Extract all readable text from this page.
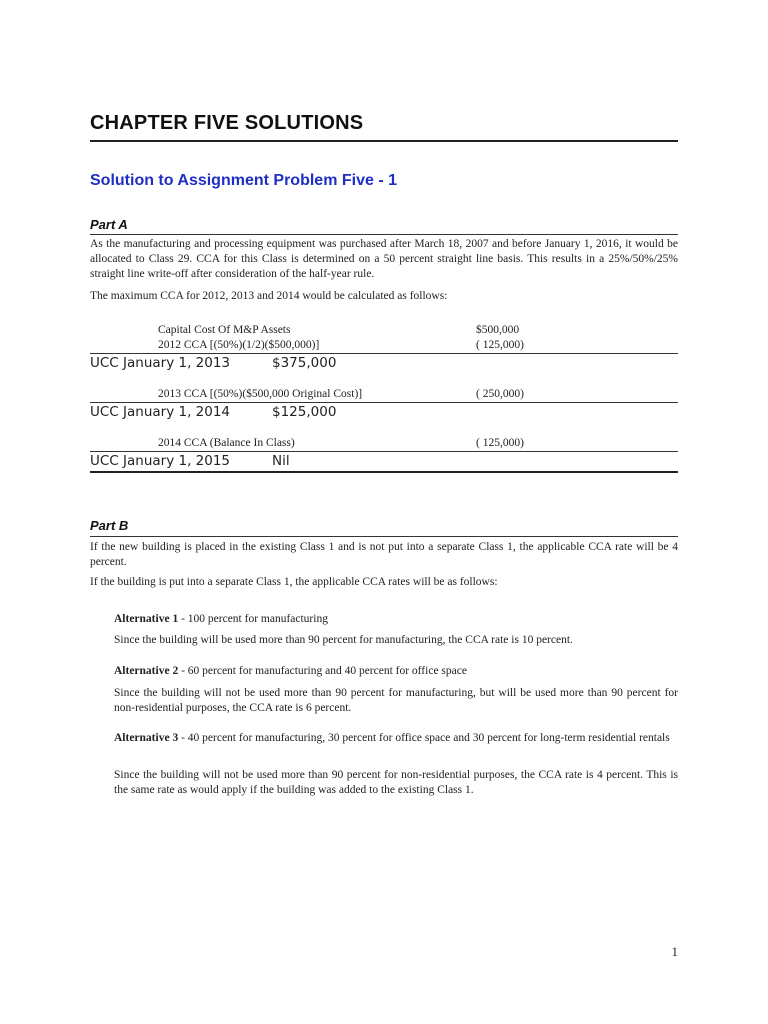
CHAPTER FIVE SOLUTIONS
Solution to Assignment Problem Five - 1
Part A
As the manufacturing and processing equipment was purchased after March 18, 2007 and before January 1, 2016, it would be allocated to Class 29. CCA for this Class is determined on a 50 percent straight line basis. This results in a 25%/50%/25% straight line write-off after consideration of the half-year rule.
The maximum CCA for 2012, 2013 and 2014 would be calculated as follows:
Capital Cost Of M&P Assets	$500,000
2012 CCA [(50%)(1/2)($500,000)]	( 125,000)
UCC January 1, 2013	$375,000
2013 CCA [(50%)($500,000 Original Cost)]	( 250,000)
UCC January 1, 2014	$125,000
2014 CCA (Balance In Class)	( 125,000)
UCC January 1, 2015	Nil
Part B
If the new building is placed in the existing Class 1 and is not put into a separate Class 1, the applicable CCA rate will be 4 percent.
If the building is put into a separate Class 1, the applicable CCA rates will be as follows:
Alternative 1 - 100 percent for manufacturing
Since the building will be used more than 90 percent for manufacturing, the CCA rate is 10 percent.
Alternative 2 - 60 percent for manufacturing and 40 percent for office space
Since the building will not be used more than 90 percent for manufacturing, but will be used more than 90 percent for non-residential purposes, the CCA rate is 6 percent.
Alternative 3 - 40 percent for manufacturing, 30 percent for office space and 30 percent for long-term residential rentals
Since the building will not be used more than 90 percent for non-residential purposes, the CCA rate is 4 percent. This is the same rate as would apply if the building was added to the existing Class 1.
1
